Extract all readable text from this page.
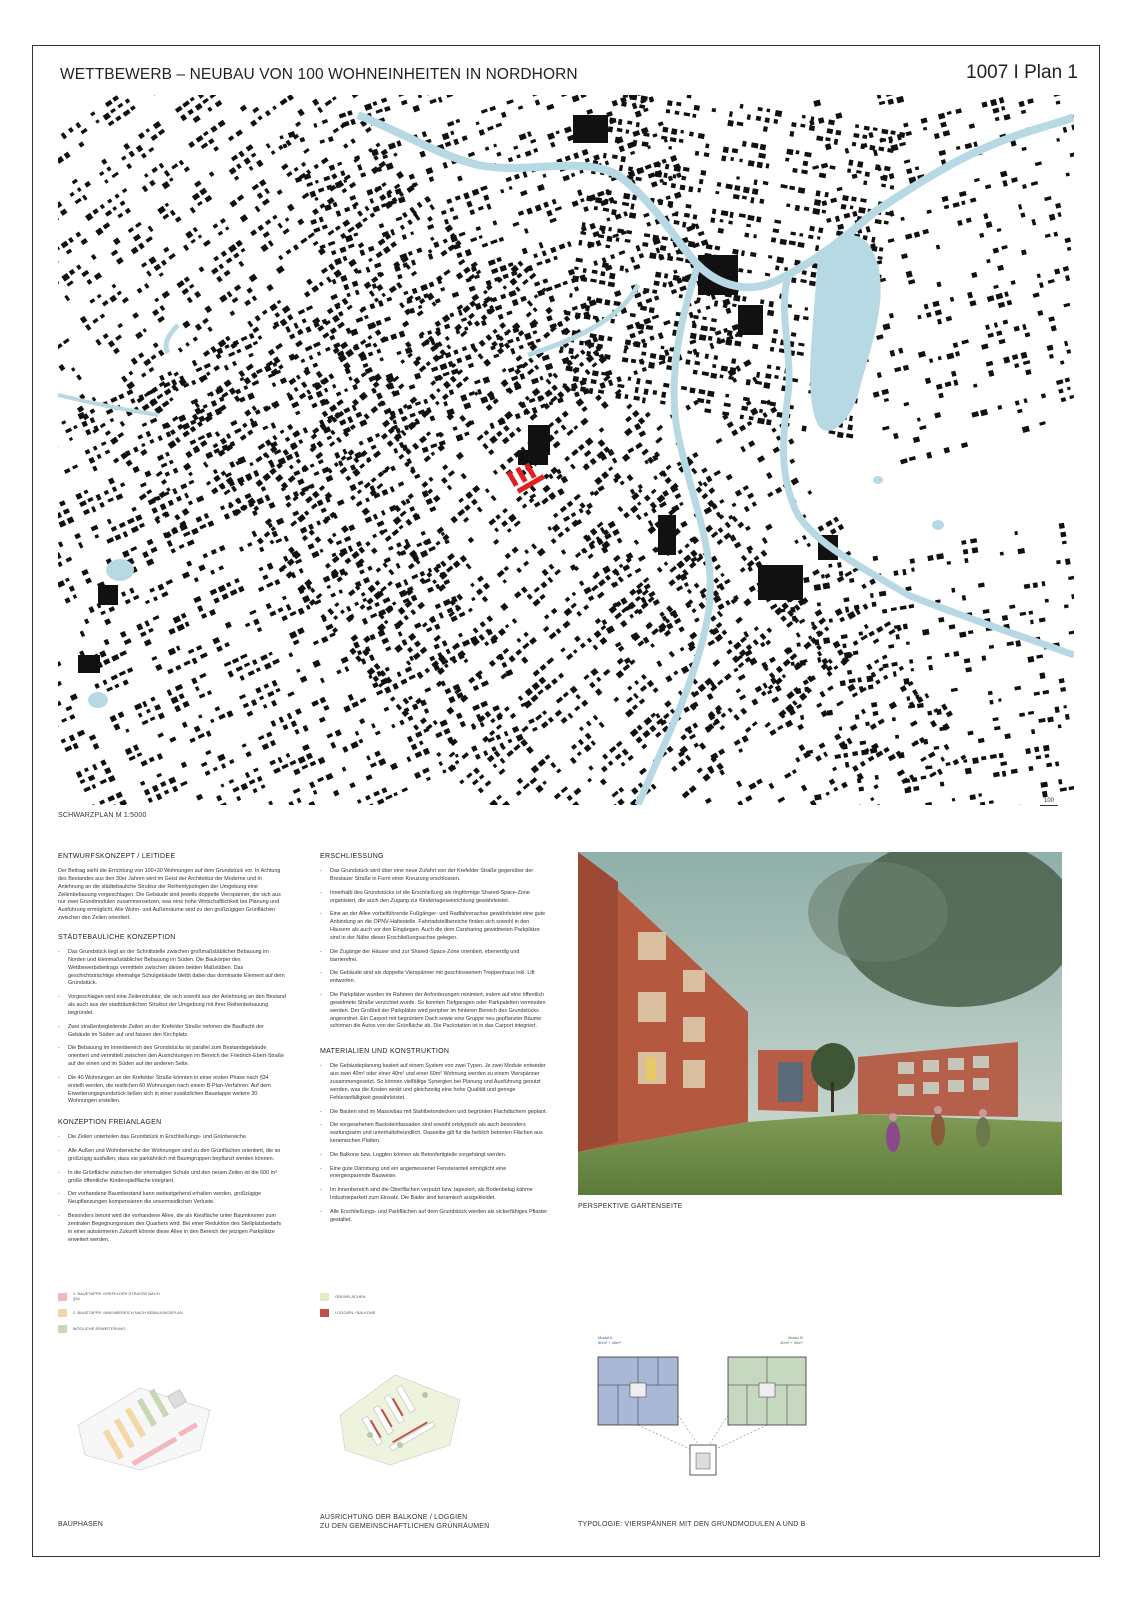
WETTBEWERB – NEUBAU VON 100 WOHNEINHEITEN IN NORDHORN	1007 I Plan 1
SCHWARZPLAN M 1:5000
100
ENTWURFSKONZEPT / LEITIDEE

Der Beitrag sieht die Errichtung von 100+30 Wohnungen auf dem Grundstück vor. In Achtung des Bestandes aus den 30er Jahren wird im Geist der Architektur der Moderne und in Anlehnung an die städtebauliche Struktur der Reihentypologien der Umgebung eine Zeilenbebauung vorgeschlagen. Die Gebäude sind jeweils doppelte Vierspänner, die sich aus nur zwei Grundmodulen zusammensetzen, was eine hohe Wirtschaftlichkeit bei Planung und Ausführung ermöglicht. Alle Wohn- und Außenräume sind zu den großzügigen Grünflächen zwischen den Zeilen orientiert.

STÄDTEBAULICHE KONZEPTION
- Das Grundstück liegt an der Schnittstelle zwischen großmaßstäblicher Bebauung im Norden und kleinmaßstäblicher Bebauung im Süden. Die Baukörper des Wettbewerbsbeitrags vermitteln zwischen diesen beiden Maßstäben. Das geschichtsträchtige ehemalige Schulgebäude bleibt dabei das dominante Element auf dem Grundstück.
- Vorgeschlagen wird eine Zeilenstruktur, die sich sowohl aus der Anlehnung an den Bestand als auch aus der stadträumlichen Struktur der Umgebung mit ihrer Reihenbebauung begründet.
- Zwei straßenbegleitende Zeilen an der Krefelder Straße nehmen die Bauflucht der Gebäude im Süden auf und fassen den Kirchplatz.
- Die Bebauung im Innenbereich des Grundstücks ist parallel zum Bestandsgebäude orientiert und vermittelt zwischen den Ausrichtungen im Bereich der Friedrich-Ebert-Straße auf der einen und im Süden auf der anderen Seite.
- Die 40 Wohnungen an der Krefelder Straße könnten in einer ersten Phase nach §34 erstellt werden, die restlichen 60 Wohnungen nach einem B-Plan-Verfahren. Auf dem Erweiterungsgrundstück ließen sich in einer zusätzlichen Bauetappe weitere 30 Wohnungen erstellen.
KONZEPTION FREIANLAGEN
- Die Zeilen unterteilen das Grundstück in Erschließungs- und Grünbereiche.
- Alle Außen und Wohnbereiche der Wohnungen sind zu den Grünflächen orientiert, die so großzügig ausfallen, dass sie parkähnlich mit Baumgruppen bepflanzt werden können.
- In die Grünfläche zwischen der ehemaligen Schule und den neuen Zeilen ist die 600 m² große öffentliche Kinderspielfläche integriert.
- Der vorhandene Baumbestand kann weitestgehend erhalten werden, großzügige Neupflanzungen kompensieren die unvermeidlichen Verluste.
- Besonders betont wird die vorhandene Allee, die als Kiesfläche unter Baumkronen zum zentralen Begegnungsraum des Quartiers wird. Bei einer Reduktion des Stellplatzbedarfs in einer autoärmeren Zukunft könnte diese Allee in den Bereich der jetzigen Parkplätze erweitert werden.
ERSCHLIESSUNG
- Das Grundstück wird über eine neue Zufahrt von der Krefelder Straße gegenüber der Breslauer Straße in Form einer Kreuzung erschlossen.
- Innerhalb des Grundstücks ist die Erschließung als ringförmige Shared-Space-Zone organisiert, die auch den Zugang zur Kindertageseinrichtung gewährleistet.
- Eine an der Allee vorbeiführende Fußgänger- und Radfahrerachse gewährleistet eine gute Anbindung an die ÖPNV-Haltestelle. Fahrradstellbereiche finden sich sowohl in den Häusern als auch vor den Eingängen. Auch die dem Carsharing gewidmeten Parkplätze sind in der Nähe dieser Erschließungsachse gelegen.
- Die Zugänge der Häuser sind zur Shared-Space-Zone orientiert, ebenerdig und barrierefrei.
- Die Gebäude sind als doppelte Vierspänner mit geschlossenem Treppenhaus inkl. Lift entworfen.
- Die Parkplätze wurden im Rahmen der Anforderungen minimiert, indem auf eine öffentlich gewidmete Straße verzichtet wurde. So konnten Tiefgaragen oder Parkpaletten vermieden werden. Der Großteil der Parkplätze wird peripher im hinteren Bereich des Grundstücks angeordnet. Ein Carport mit begrüntem Dach sowie eine Gruppe neu gepflanzter Bäume schirmen die Autos von der Grünfläche ab. Die Packstation ist in das Carport integriert.
MATERIALIEN UND KONSTRUKTION
- Die Gebäudeplanung basiert auf einem System von zwei Typen. Je zwei Module entweder aus zwei 40m² oder einer 40m² und einer 60m² Wohnung werden zu einem Vierspänner zusammengesetzt. So können vielfältige Synergien bei Planung und Ausführung genutzt werden, was die Kosten senkt und gleichzeitig eine hohe Qualität und geringe Fehleranfälligkeit gewährleistet.
- Die Bauten sind im Massivbau mit Stahlbetondecken und begrünten Flachdächern geplant.
- Die vorgesehenen Backsteinfassaden sind sowohl ortstypisch als auch besonders wartungsarm und unterhaltsfreundlich. Dasselbe gilt für die farblich betonten Flächen aus keramischen Platten.
- Die Balkone bzw. Loggien können als Betonfertigteile vorgehängt werden.
- Eine gute Dämmung und ein angemessener Fensteranteil ermöglicht eine energiesparende Bauweise.
- Im Innenbereich sind die Oberflächen verputzt bzw. tapeziert, als Bodenbelag kähme Industrieparkett zum Einsatz. Die Bäder sind keramisch ausgekleidet.
- Alle Erschließungs- und Parkflächen auf dem Grundstück werden als sickerfähiges Pflaster gestaltet.
PERSPEKTIVE GARTENSEITE
1. BAUETAPPE: KREFELDER STRASSE NACH §34
2. BAUETAPPE: INNENBEREICH NACH BEBAUUNGSPLAN
MÖGLICHE ERWEITERUNG
GRÜNFLÄCHEN
LOGGIEN / BALKONE
Modul A
60m² + 40m²
Modul B
40m² + 40m²
BAUPHASEN
AUSRICHTUNG DER BALKONE / LOGGIEN
ZU DEN GEMEINSCHAFTLICHEN GRÜNRÄUMEN	TYPOLOGIE: VIERSPÄNNER MIT DEN GRUNDMODULEN A UND B
